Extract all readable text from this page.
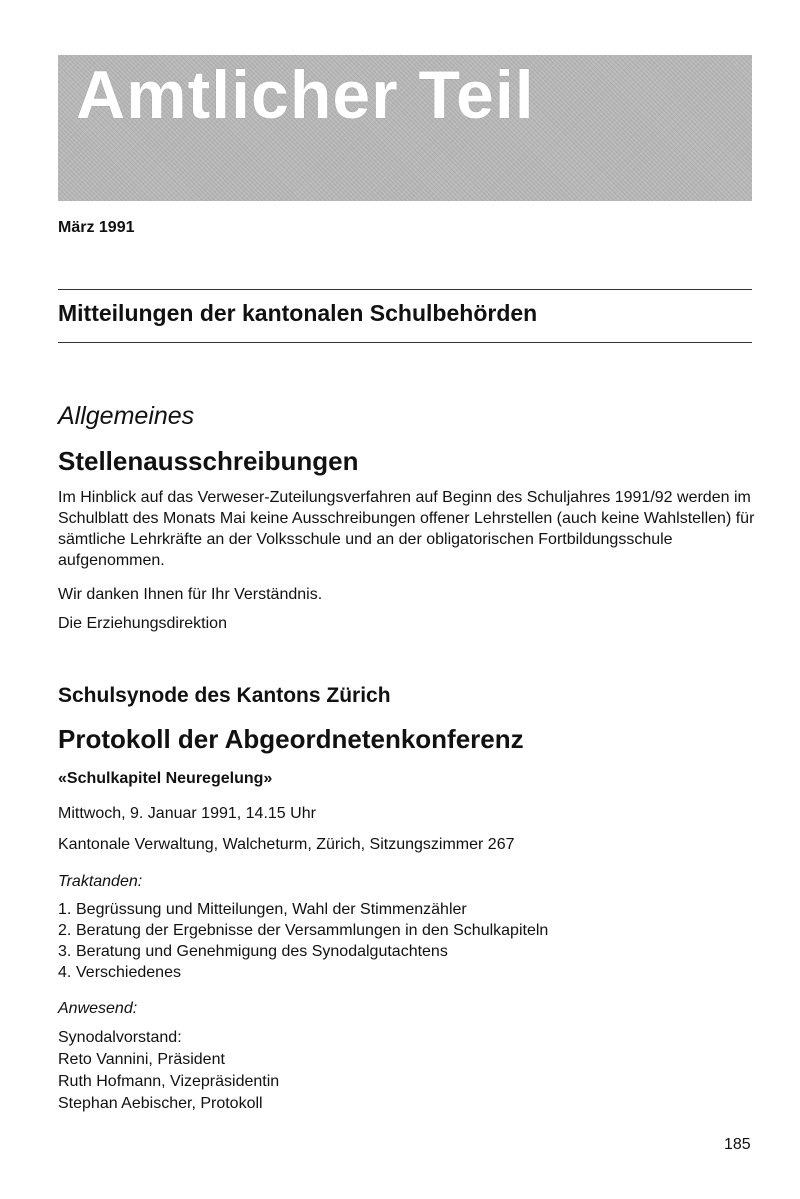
Amtlicher Teil
März 1991
Mitteilungen der kantonalen Schulbehörden
Allgemeines
Stellenausschreibungen
Im Hinblick auf das Verweser-Zuteilungsverfahren auf Beginn des Schuljahres 1991/92 werden im Schulblatt des Monats Mai keine Ausschreibungen offener Lehrstellen (auch keine Wahlstellen) für sämtliche Lehrkräfte an der Volksschule und an der obligatorischen Fortbildungsschule aufgenommen.
Wir danken Ihnen für Ihr Verständnis.
Die Erziehungsdirektion
Schulsynode des Kantons Zürich
Protokoll der Abgeordnetenkonferenz
«Schulkapitel Neuregelung»
Mittwoch, 9. Januar 1991, 14.15 Uhr
Kantonale Verwaltung, Walcheturm, Zürich, Sitzungszimmer 267
Traktanden:
1. Begrüssung und Mitteilungen, Wahl der Stimmenzähler
2. Beratung der Ergebnisse der Versammlungen in den Schulkapiteln
3. Beratung und Genehmigung des Synodalgutachtens
4. Verschiedenes
Anwesend:
Synodalvorstand:
Reto Vannini, Präsident
Ruth Hofmann, Vizepräsidentin
Stephan Aebischer, Protokoll
185
